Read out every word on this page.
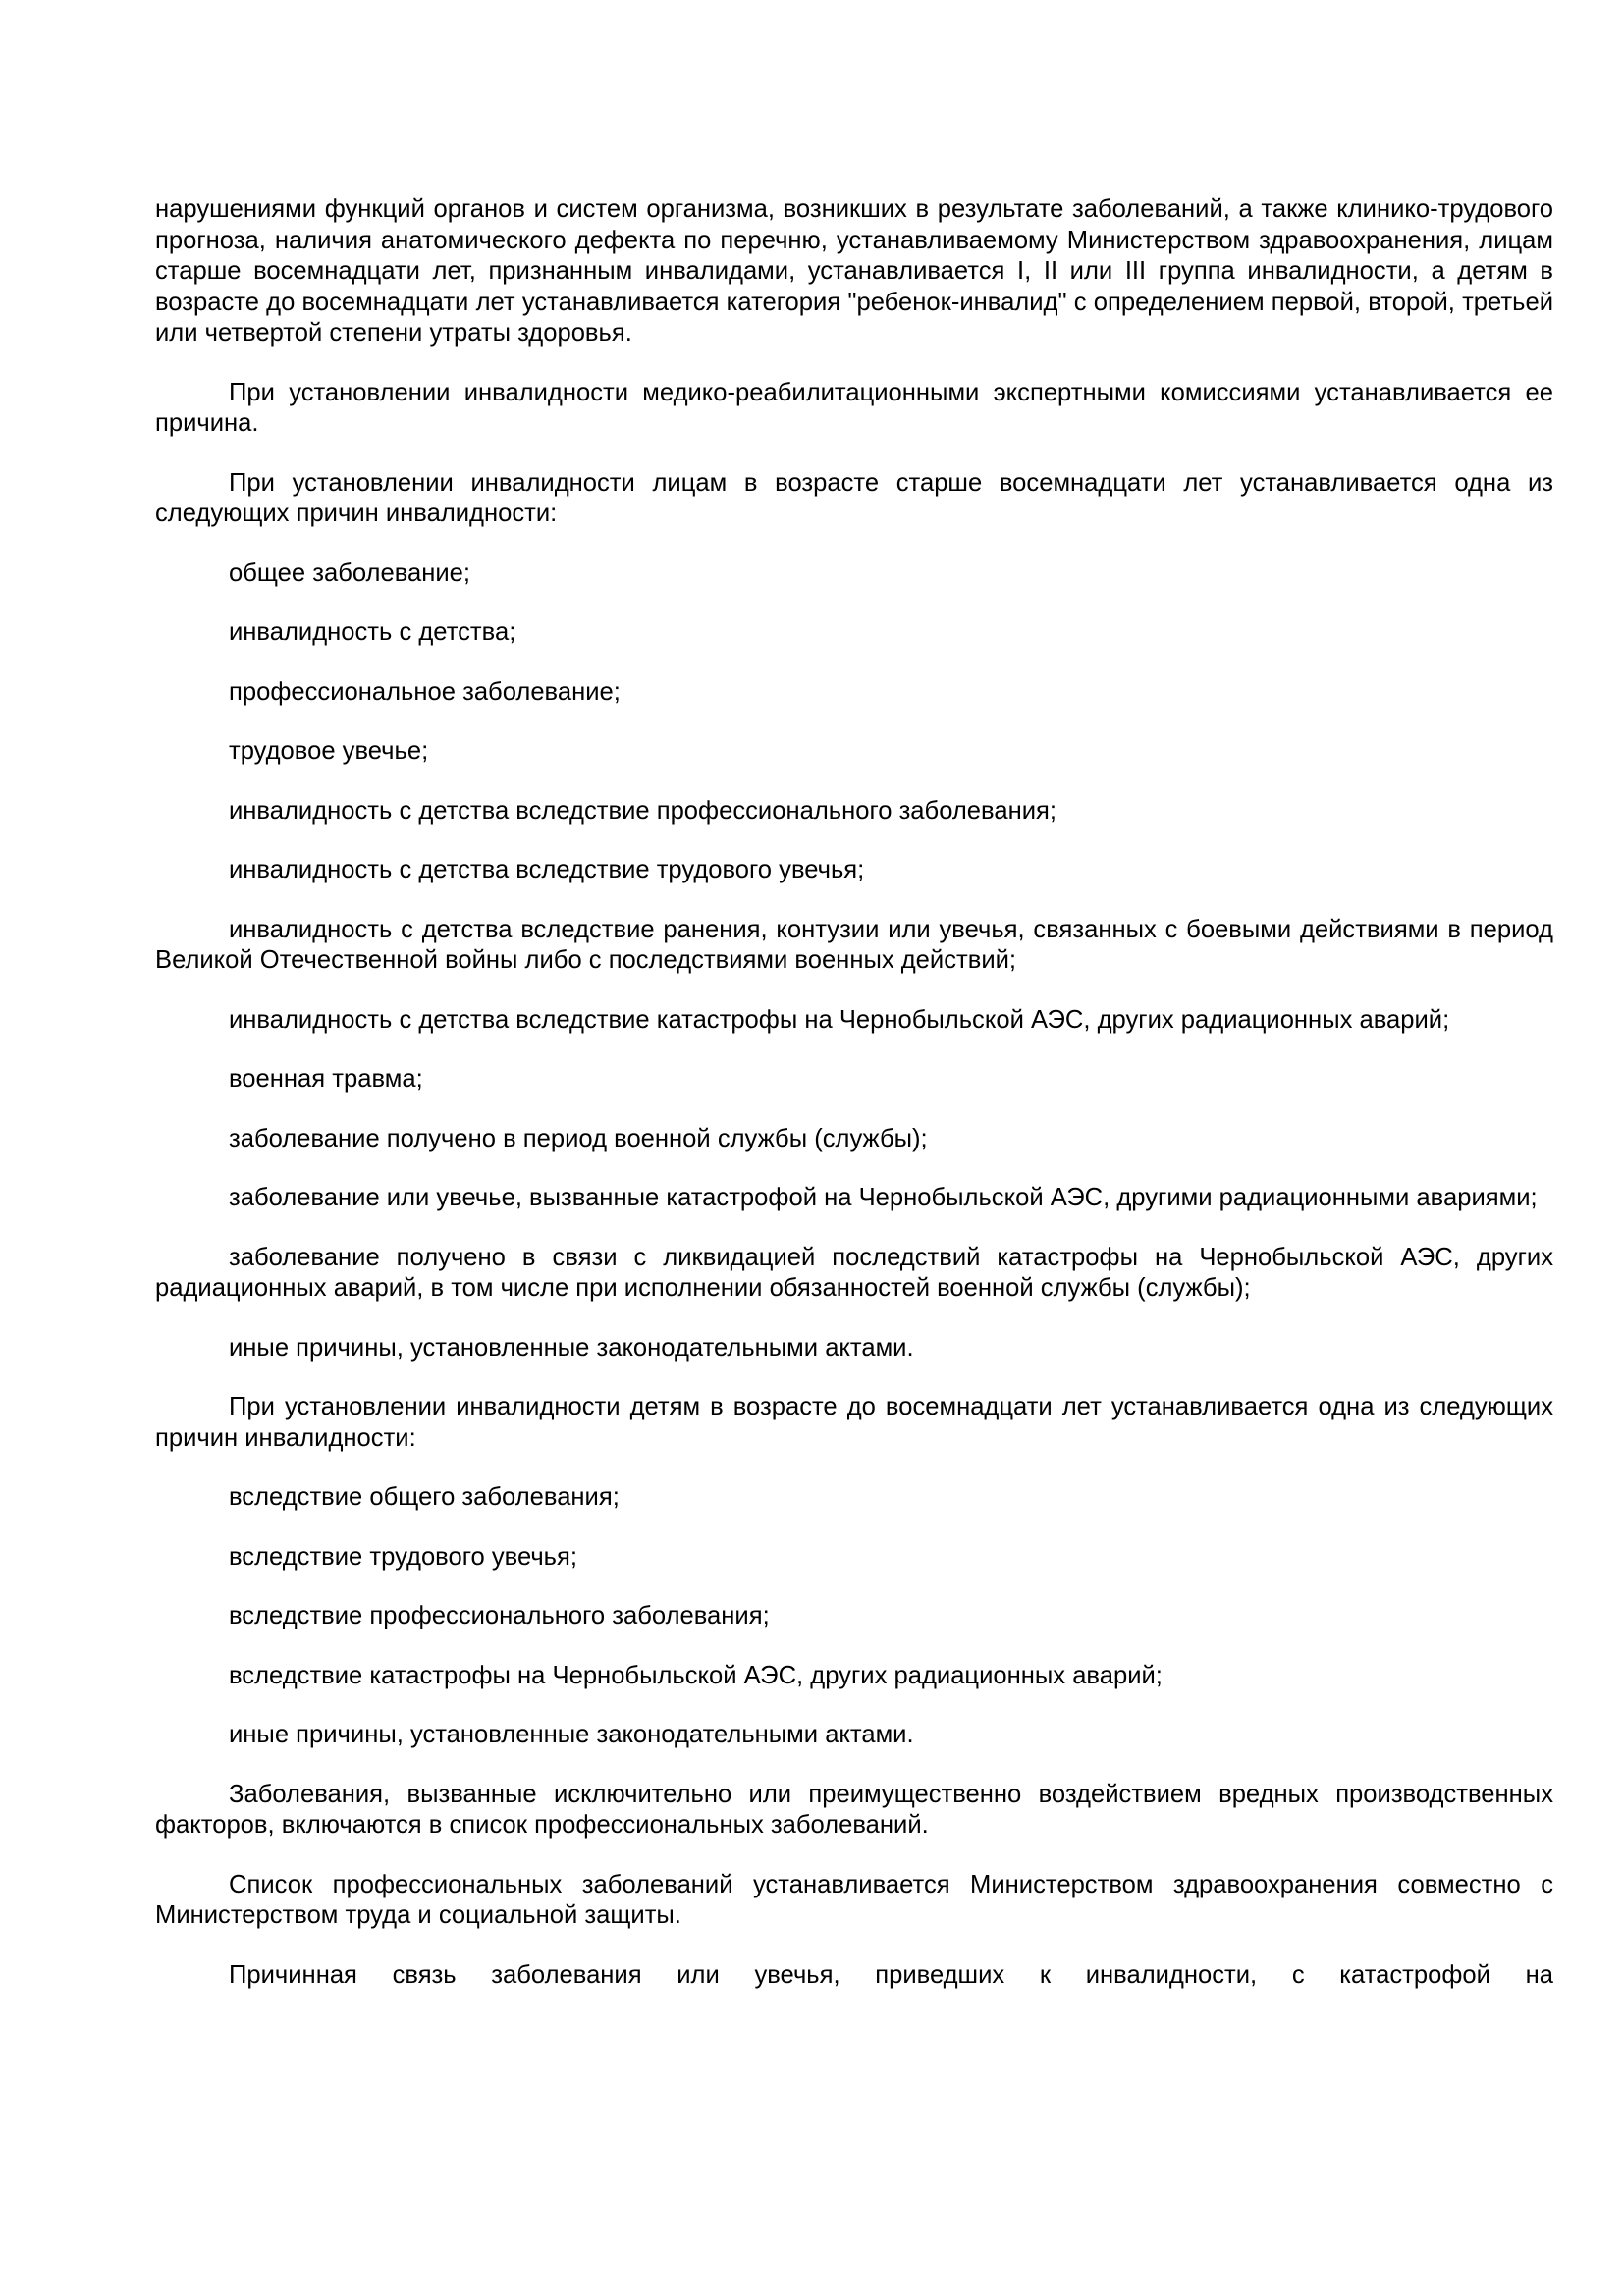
нарушениями функций органов и систем организма, возникших в результате заболеваний, а также клинико-трудового прогноза, наличия анатомического дефекта по перечню, устанавливаемому Министерством здравоохранения, лицам старше восемнадцати лет, признанным инвалидами, устанавливается I, II или III группа инвалидности, а детям в возрасте до восемнадцати лет устанавливается категория "ребенок-инвалид" с определением первой, второй, третьей или четвертой степени утраты здоровья.

При установлении инвалидности медико-реабилитационными экспертными комиссиями устанавливается ее причина.

При установлении инвалидности лицам в возрасте старше восемнадцати лет устанавливается одна из следующих причин инвалидности:

общее заболевание;

инвалидность с детства;

профессиональное заболевание;

трудовое увечье;

инвалидность с детства вследствие профессионального заболевания;

инвалидность с детства вследствие трудового увечья;

инвалидность с детства вследствие ранения, контузии или увечья, связанных с боевыми действиями в период Великой Отечественной войны либо с последствиями военных действий;

инвалидность с детства вследствие катастрофы на Чернобыльской АЭС, других радиационных аварий;

военная травма;

заболевание получено в период военной службы (службы);

заболевание или увечье, вызванные катастрофой на Чернобыльской АЭС, другими радиационными авариями;

заболевание получено в связи с ликвидацией последствий катастрофы на Чернобыльской АЭС, других радиационных аварий, в том числе при исполнении обязанностей военной службы (службы);

иные причины, установленные законодательными актами.

При установлении инвалидности детям в возрасте до восемнадцати лет устанавливается одна из следующих причин инвалидности:

вследствие общего заболевания;

вследствие трудового увечья;

вследствие профессионального заболевания;

вследствие катастрофы на Чернобыльской АЭС, других радиационных аварий;

иные причины, установленные законодательными актами.

Заболевания, вызванные исключительно или преимущественно воздействием вредных производственных факторов, включаются в список профессиональных заболеваний.

Список профессиональных заболеваний устанавливается Министерством здравоохранения совместно с Министерством труда и социальной защиты.

Причинная связь заболевания или увечья, приведших к инвалидности, с катастрофой на
